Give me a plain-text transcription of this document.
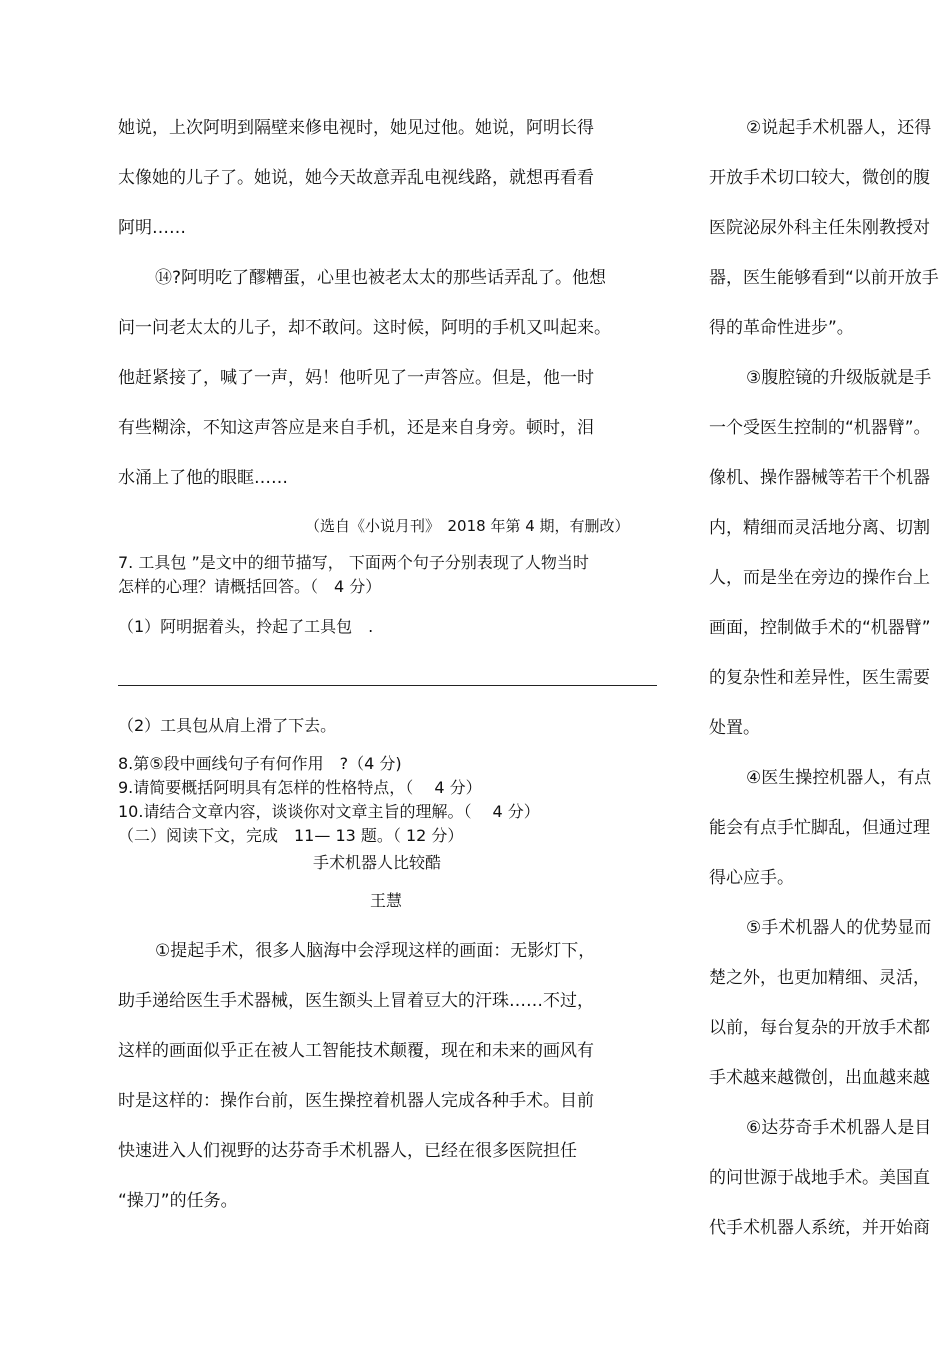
她说，上次阿明到隔壁来修电视时，她见过他。她说，阿明长得
太像她的儿子了。她说，她今天故意弄乱电视线路，就想再看看
阿明……
⑭?阿明吃了醪糟蛋，心里也被老太太的那些话弄乱了。他想
问一问老太太的儿子，却不敢问。这时候，阿明的手机又叫起来。
他赶紧接了，喊了一声，妈！他听见了一声答应。但是，他一时
有些糊涂，不知这声答应是来自手机，还是来自身旁。顿时，泪
水涌上了他的眼眶……
（选自《小说月刊》　2018 年第 4 期，有删改）
7. 工具包 ”是文中的细节描写， 下面两个句子分别表现了人物当时
怎样的心理？请概括回答。（　4 分）
（1）阿明据着头，拎起了工具包　.
（2）工具包从肩上滑了下去。
8.第⑤段中画线句子有何作用　?（4 分)
9.请简要概括阿明具有怎样的性格特点，（　 4 分）
10.请结合文章内容，谈谈你对文章主旨的理解。（　 4 分）
（二）阅读下文，完成　11— 13 题。（ 12 分）
手术机器人比较酷
王慧
①提起手术，很多人脑海中会浮现这样的画面：无影灯下，
助手递给医生手术器械，医生额头上冒着豆大的汗珠……不过，
这样的画面似乎正在被人工智能技术颠覆，现在和未来的画风有
时是这样的：操作台前，医生操控着机器人完成各种手术。目前
快速进入人们视野的达芬奇手术机器人，已经在很多医院担任
“操刀”的任务。
②说起手术机器人，还得
开放手术切口较大，微创的腹
医院泌尿外科主任朱刚教授对
器，医生能够看到“以前开放手
得的革命性进步”。
③腹腔镜的升级版就是手
一个受医生控制的“机器臂”。
像机、操作器械等若干个机器
内，精细而灵活地分离、切割
人，而是坐在旁边的操作台上
画面，控制做手术的“机器臂”
的复杂性和差异性，医生需要
处置。
④医生操控机器人，有点
能会有点手忙脚乱，但通过理
得心应手。
⑤手术机器人的优势显而
楚之外，也更加精细、灵活，
以前，每台复杂的开放手术都
手术越来越微创，出血越来越
⑥达芬奇手术机器人是目
的问世源于战地手术。美国直
代手术机器人系统，并开始商
